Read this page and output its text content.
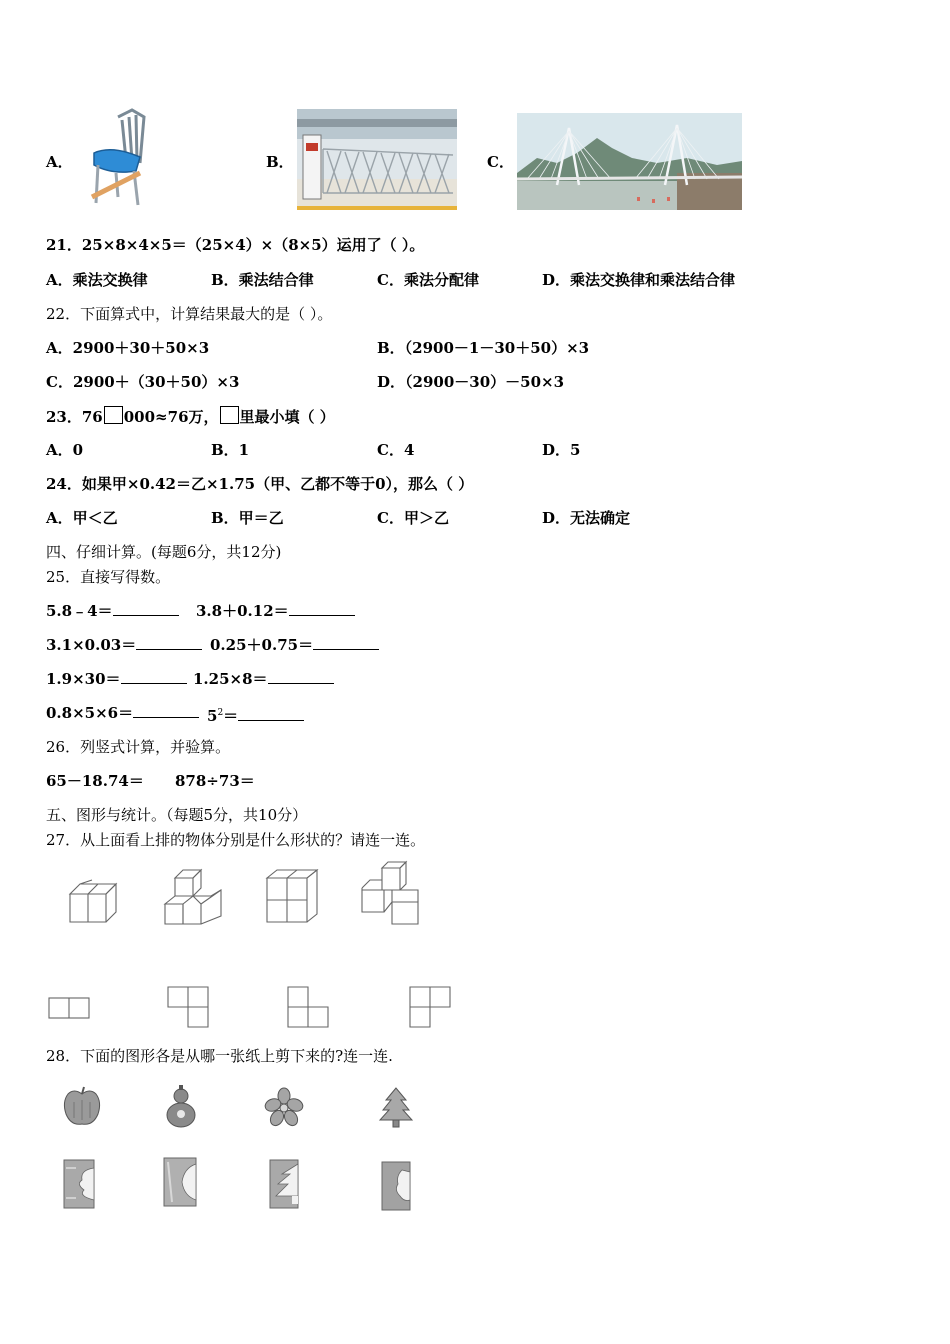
A．	B．	C．
21．25×8×4×5＝（25×4）×（8×5）运用了（ ）。
A．乘法交换律	B．乘法结合律	C．乘法分配律	D．乘法交换律和乘法结合律
22．下面算式中，计算结果最大的是（ ）。
A．2900＋30＋50×3	B．（2900－1－30＋50）×3
C．2900＋（30＋50）×3	D．（2900－30）－50×3
23．76 000≈76万， 里最小填（ ）
A．0	B．1	C．4	D．5
24．如果甲×0.42＝乙×1.75（甲、乙都不等于0），那么（ ）
A．甲＜乙	B．甲＝乙	C．甲＞乙	D．无法确定
四、仔细计算。(每题6分，共12分)
25．直接写得数。
5.8﹣4＝	3.8＋0.12＝
3.1×0.03＝	0.25＋0.75＝
1.9×30＝	1.25×8＝
0.8×5×6＝	$5^2=$
26．列竖式计算，并验算。
65－18.74＝ 878÷73＝
五、图形与统计。（每题5分，共10分）
27．从上面看上排的物体分别是什么形状的？请连一连。
28．下面的图形各是从哪一张纸上剪下来的?连一连.
